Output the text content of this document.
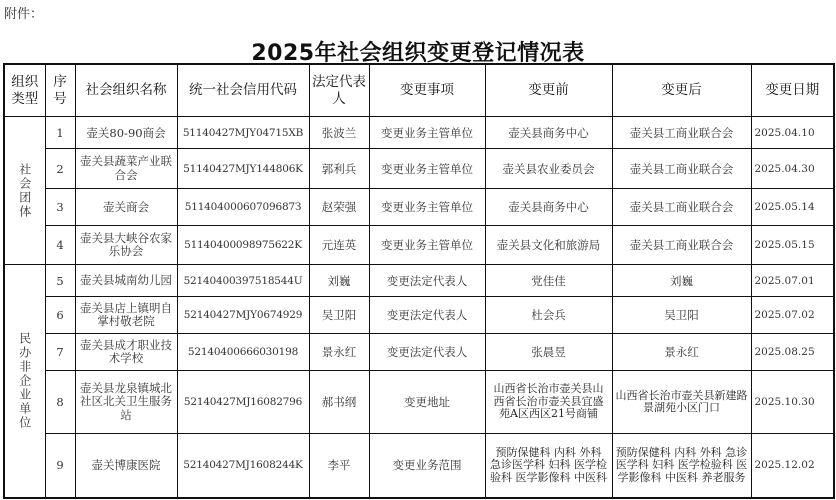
附件：
2025年社会组织变更登记情况表
组织类型	序号	社会组织名称	统一社会信用代码	法定代表人	变更事项	变更前	变更后	变更日期
社会团体	1	壶关80-90商会	51140427MJY04715XB	张波兰	变更业务主管单位	壶关县商务中心	壶关县工商业联合会	2025.04.10
	2	壶关县蔬菜产业联合会	51140427MJY144806K	郭利兵	变更业务主管单位	壶关县农业委员会	壶关县工商业联合会	2025.04.30
	3	壶关商会	51140400060709687З	赵荣强	变更业务主管单位	壶关县商务中心	壶关县工商业联合会	2025.05.14
	4	壶关县大峡谷农家乐协会	51140400098975622K	元连英	变更业务主管单位	壶关县文化和旅游局	壶关县工商业联合会	2025.05.15
民办非企业单位	5	壶关县城南幼儿园	52140400397518544U	刘巍	变更法定代表人	党佳佳	刘巍	2025.07.01
	6	壶关县店上镇明自掌村敬老院	52140427MJY0674929	吴卫阳	变更法定代表人	杜会兵	吴卫阳	2025.07.02
	7	壶关县成才职业技术学校	52140400666030198	景永红	变更法定代表人	张晨昱	景永红	2025.08.25
	8	壶关县龙泉镇城北社区北关卫生服务站	52140427MJ16082796	郝书纲	变更地址	山西省长治市壶关县山西省长治市壶关县宜盛苑A区西区21号商铺	山西省长治市壶关县新建路景湖苑小区门口	2025.10.30
	9	壶关博康医院	52140427MJ1608244K	李平	变更业务范围	预防保健科 内科 外科 急诊医学科 妇科 医学检验科 医学影像科 中医科	预防保健科 内科 外科 急诊医学科 妇科 医学检验科 医学影像科 中医科 养老服务	2025.12.02
